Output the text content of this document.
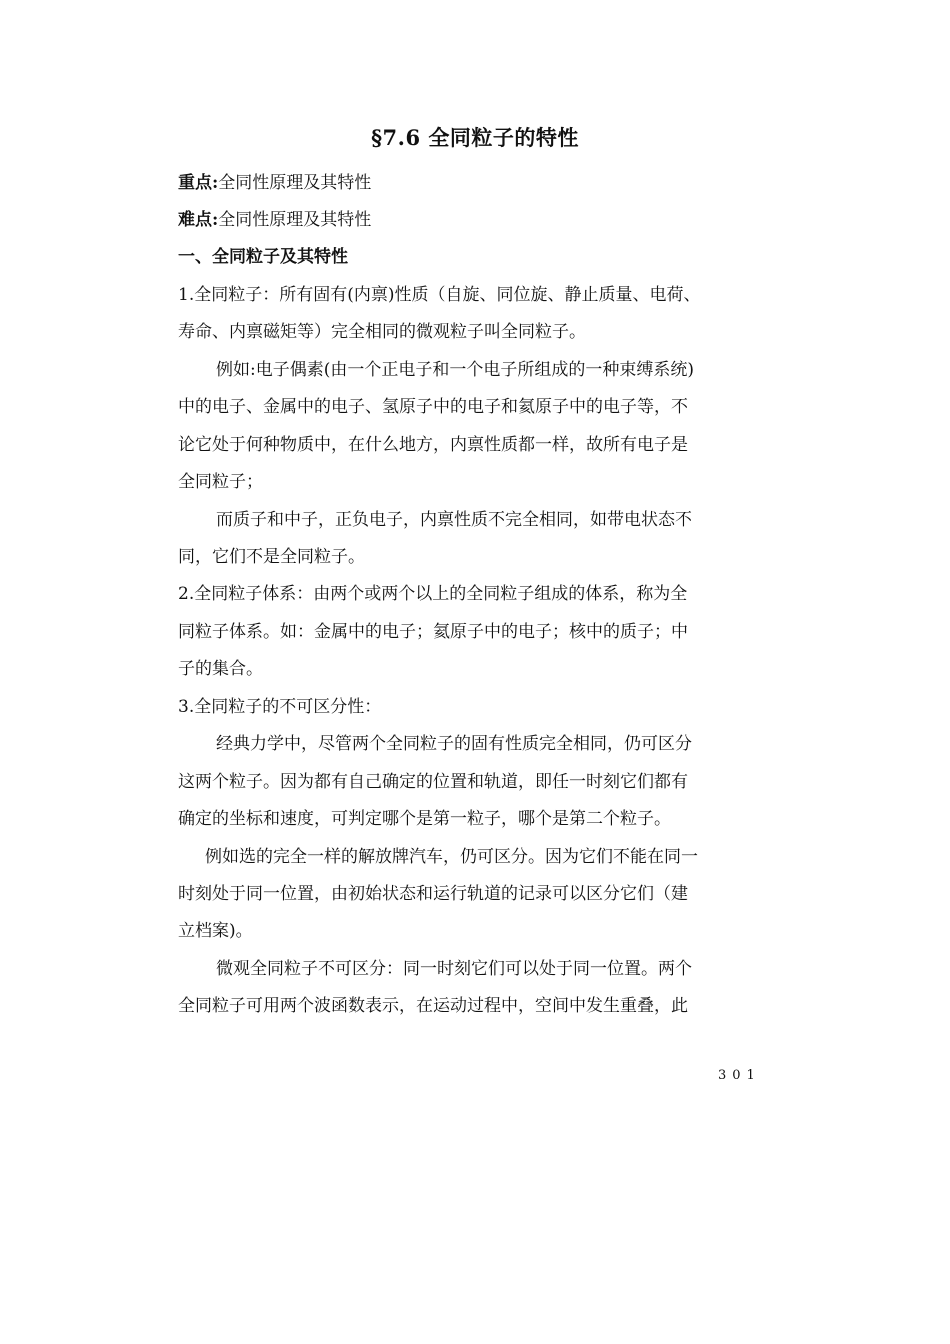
§7.6 全同粒子的特性
重点:全同性原理及其特性
难点:全同性原理及其特性
一、全同粒子及其特性
1.全同粒子：所有固有(内禀)性质（自旋、同位旋、静止质量、电荷、
寿命、内禀磁矩等）完全相同的微观粒子叫全同粒子。
例如:电子偶素(由一个正电子和一个电子所组成的一种束缚系统)
中的电子、金属中的电子、氢原子中的电子和氦原子中的电子等，不
论它处于何种物质中，在什么地方，内禀性质都一样，故所有电子是
全同粒子；
而质子和中子，正负电子，内禀性质不完全相同，如带电状态不
同，它们不是全同粒子。
2.全同粒子体系：由两个或两个以上的全同粒子组成的体系，称为全
同粒子体系。如：金属中的电子；氦原子中的电子；核中的质子；中
子的集合。
3.全同粒子的不可区分性：
经典力学中，尽管两个全同粒子的固有性质完全相同，仍可区分
这两个粒子。因为都有自己确定的位置和轨道，即任一时刻它们都有
确定的坐标和速度，可判定哪个是第一粒子，哪个是第二个粒子。
例如选的完全一样的解放牌汽车，仍可区分。因为它们不能在同一
时刻处于同一位置，由初始状态和运行轨道的记录可以区分它们（建
立档案)。
微观全同粒子不可区分：同一时刻它们可以处于同一位置。两个
全同粒子可用两个波函数表示，在运动过程中，空间中发生重叠，此
301
